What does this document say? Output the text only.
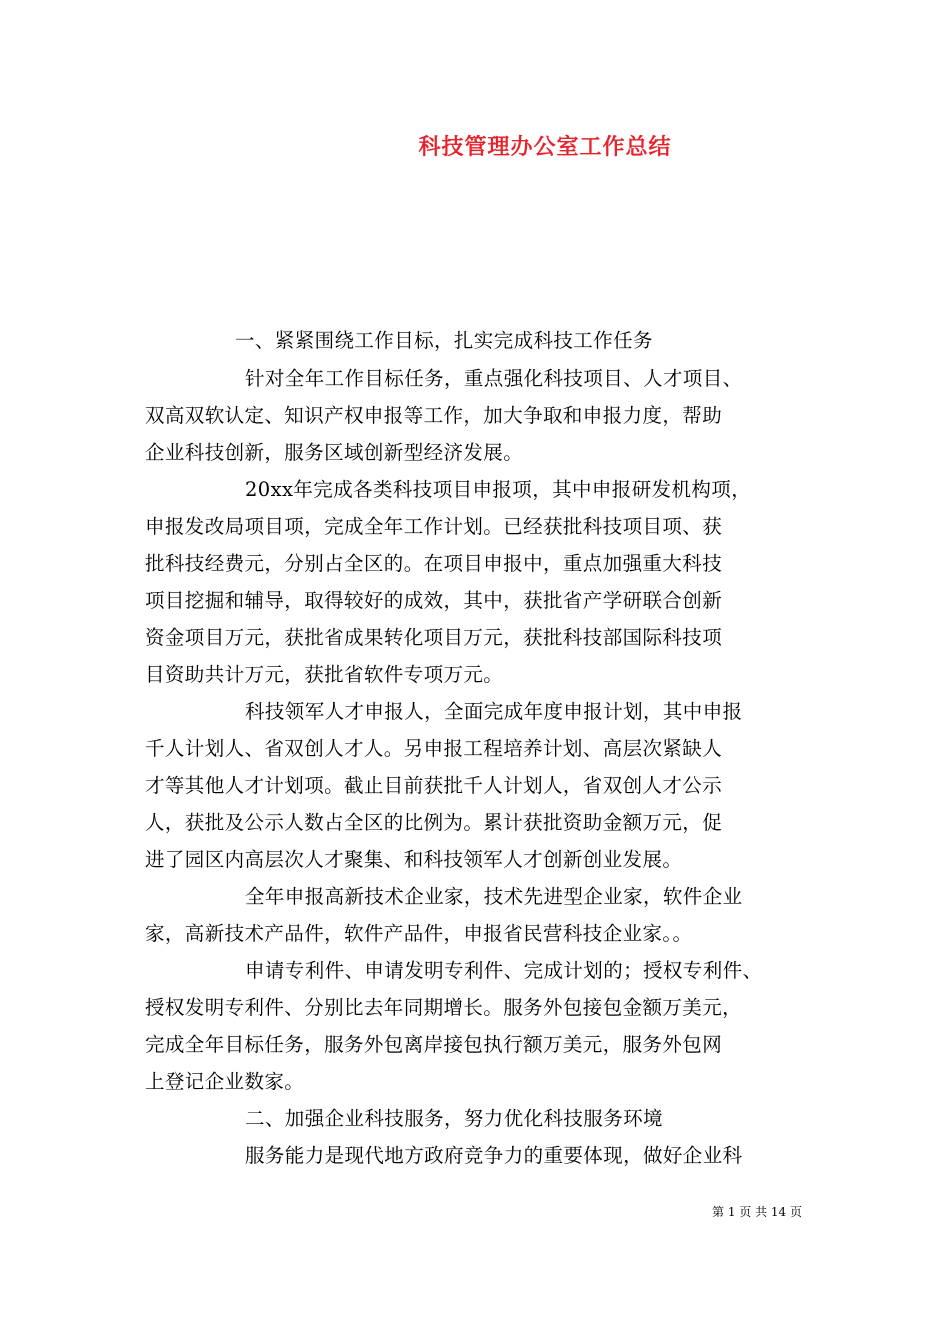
科技管理办公室工作总结
一、紧紧围绕工作目标，扎实完成科技工作任务
针对全年工作目标任务，重点强化科技项目、人才项目、
双高双软认定、知识产权申报等工作，加大争取和申报力度，帮助
企业科技创新，服务区域创新型经济发展。
20xx年完成各类科技项目申报项，其中申报研发机构项，
申报发改局项目项，完成全年工作计划。已经获批科技项目项、获
批科技经费元，分别占全区的。在项目申报中，重点加强重大科技
项目挖掘和辅导，取得较好的成效，其中，获批省产学研联合创新
资金项目万元，获批省成果转化项目万元，获批科技部国际科技项
目资助共计万元，获批省软件专项万元。
科技领军人才申报人，全面完成年度申报计划，其中申报
千人计划人、省双创人才人。另申报工程培养计划、高层次紧缺人
才等其他人才计划项。截止目前获批千人计划人，省双创人才公示
人，获批及公示人数占全区的比例为。累计获批资助金额万元，促
进了园区内高层次人才聚集、和科技领军人才创新创业发展。
全年申报高新技术企业家，技术先进型企业家，软件企业
家，高新技术产品件，软件产品件，申报省民营科技企业家。。
申请专利件、申请发明专利件、完成计划的；授权专利件、
授权发明专利件、分别比去年同期增长。服务外包接包金额万美元，
完成全年目标任务，服务外包离岸接包执行额万美元，服务外包网
上登记企业数家。
二、加强企业科技服务，努力优化科技服务环境
服务能力是现代地方政府竞争力的重要体现，做好企业科
第 1 页 共 14 页
